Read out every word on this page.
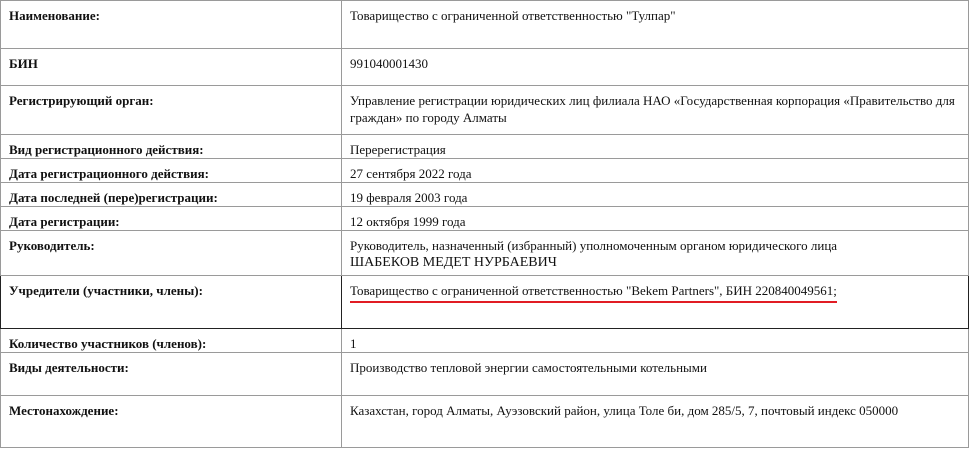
Наименование:	Товарищество с ограниченной ответственностью "Тулпар"
БИН	991040001430
Регистрирующий орган:	Управление регистрации юридических лиц филиала НАО «Государственная корпорация «Правительство для граждан» по городу Алматы
Вид регистрационного действия:	Перерегистрация
Дата регистрационного действия:	27 сентября 2022 года
Дата последней (пере)регистрации:	19 февраля 2003 года
Дата регистрации:	12 октября 1999 года
Руководитель:	Руководитель, назначенный (избранный) уполномоченным органом юридического лица
ШАБЕКОВ МЕДЕТ НУРБАЕВИЧ

Учредители (участники, члены):	Товарищество с ограниченной ответственностью "Bekem Partners", БИН 220840049561;
Количество участников (членов):	1
Виды деятельности:	Производство тепловой энергии самостоятельными котельными
Местонахождение:	Казахстан, город Алматы, Ауэзовский район, улица Толе би, дом 285/5, 7, почтовый индекс 050000
